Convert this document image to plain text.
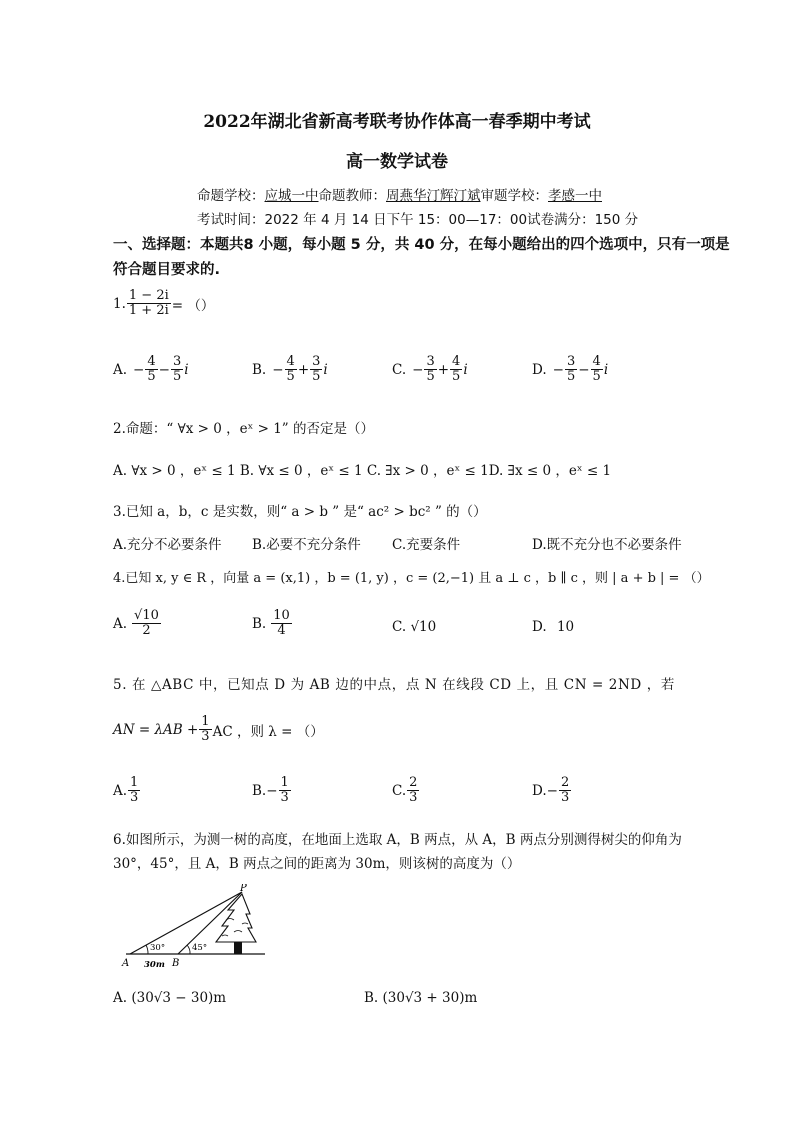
2022年湖北省新高考联考协作体高一春季期中考试
高一数学试卷
命题学校：应城一中命题教师：周燕华汀辉汀斌审题学校：孝感一中
考试时间：2022 年 4 月 14 日下午 15：00—17：00试卷满分：150 分
一、选择题：本题共8 小题，每小题 5 分，共 40 分，在每小题给出的四个选项中，只有一项是
符合题目要求的.
1. $\frac{1 - 2i}{1 + 2i}$ = （）
A. − $\frac{4}{5} - \frac{3}{5}$ i	B. − $\frac{4}{5} + \frac{3}{5}$ i	C. − $\frac{3}{5} + \frac{4}{5}$ i	D. − $\frac{3}{5} - \frac{4}{5}$ i
2.命题：“ ∀x > 0 ，eˣ > 1” 的否定是（）
A. ∀x > 0 ，eˣ ≤ 1 B. ∀x ≤ 0 ，eˣ ≤ 1 C. ∃x > 0 ，eˣ ≤ 1D. ∃x ≤ 0 ，eˣ ≤ 1
3.已知 a，b，c 是实数，则“ a > b ” 是“ ac² > bc² ” 的（）
A.充分不必要条件 B.必要不充分条件 C.充要条件	D.既不充分也不必要条件
4.已知 x, y ∈ R ，向量 a = (x,1) ，b = (1, y) ，c = (2,−1) 且 a ⊥ c ，b ∥ c ，则 | a + b | = （）
A. $\frac{√10}{2}$	B. $\frac{10}{4}$	C. √10	D. 10
5. 在 △ABC 中，已知点 D 为 AB 边的中点，点 N 在线段 CD 上，且 CN = 2ND ，若
AN = $\lambda AB + \frac{1}{3}$ AC ，则 λ = （）
A. $\frac{1}{3}$	B. − $\frac{1}{3}$	C. $\frac{2}{3}$	D. − $\frac{2}{3}$
6.如图所示，为测一树的高度，在地面上选取 A，B 两点，从 A，B 两点分别测得树尖的仰角为
30°，45°，且 A，B 两点之间的距离为 30m，则该树的高度为（）
P
A	B
30°	45°
30m
A. (30√3 − 30)m	B. (30√3 + 30)m
